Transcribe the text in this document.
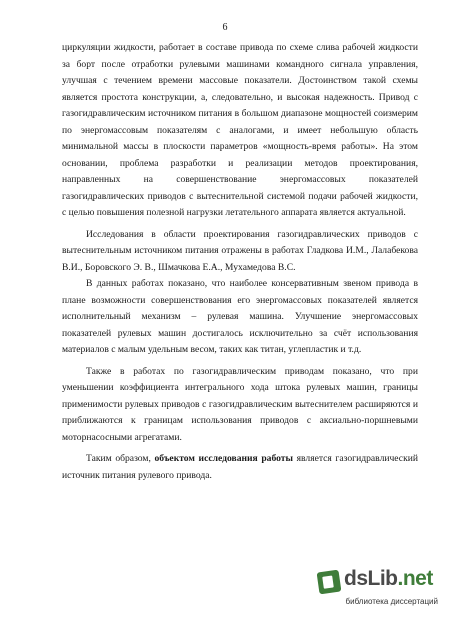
6

циркуляции жидкости, работает в составе привода по схеме слива рабочей жидкости за борт после отработки рулевыми машинами командного сигнала управления, улучшая с течением времени массовые показатели. Достоинством такой схемы является простота конструкции, а, следовательно, и высокая надежность. Привод с газогидравлическим источником питания в большом диапазоне мощностей соизмерим по энергомассовым показателям с аналогами, и имеет небольшую область минимальной массы в плоскости параметров «мощность-время работы». На этом основании, проблема разработки и реализации методов проектирования, направленных на совершенствование энергомассовых показателей газогидравлических приводов с вытеснительной системой подачи рабочей жидкости, с целью повышения полезной нагрузки летательного аппарата является актуальной.

Исследования в области проектирования газогидравлических приводов с вытеснительным источником питания отражены в работах Гладкова И.М., Лалабекова В.И., Боровского Э. В., Шмачкова Е.А., Мухамедова В.С.

В данных работах показано, что наиболее консервативным звеном привода в плане возможности совершенствования его энергомассовых показателей является исполнительный механизм – рулевая машина. Улучшение энергомассовых показателей рулевых машин достигалось исключительно за счёт использования материалов с малым удельным весом, таких как титан, углепластик и т.д.

Также в работах по газогидравлическим приводам показано, что при уменьшении коэффициента интегрального хода штока рулевых машин, границы применимости рулевых приводов с газогидравлическим вытеснителем расширяются и приближаются к границам использования приводов с аксиально-поршневыми моторнасосными агрегатами.

Таким образом, объектом исследования работы является газогидравлический источник питания рулевого привода.

dsLib.net
библиотека диссертаций
